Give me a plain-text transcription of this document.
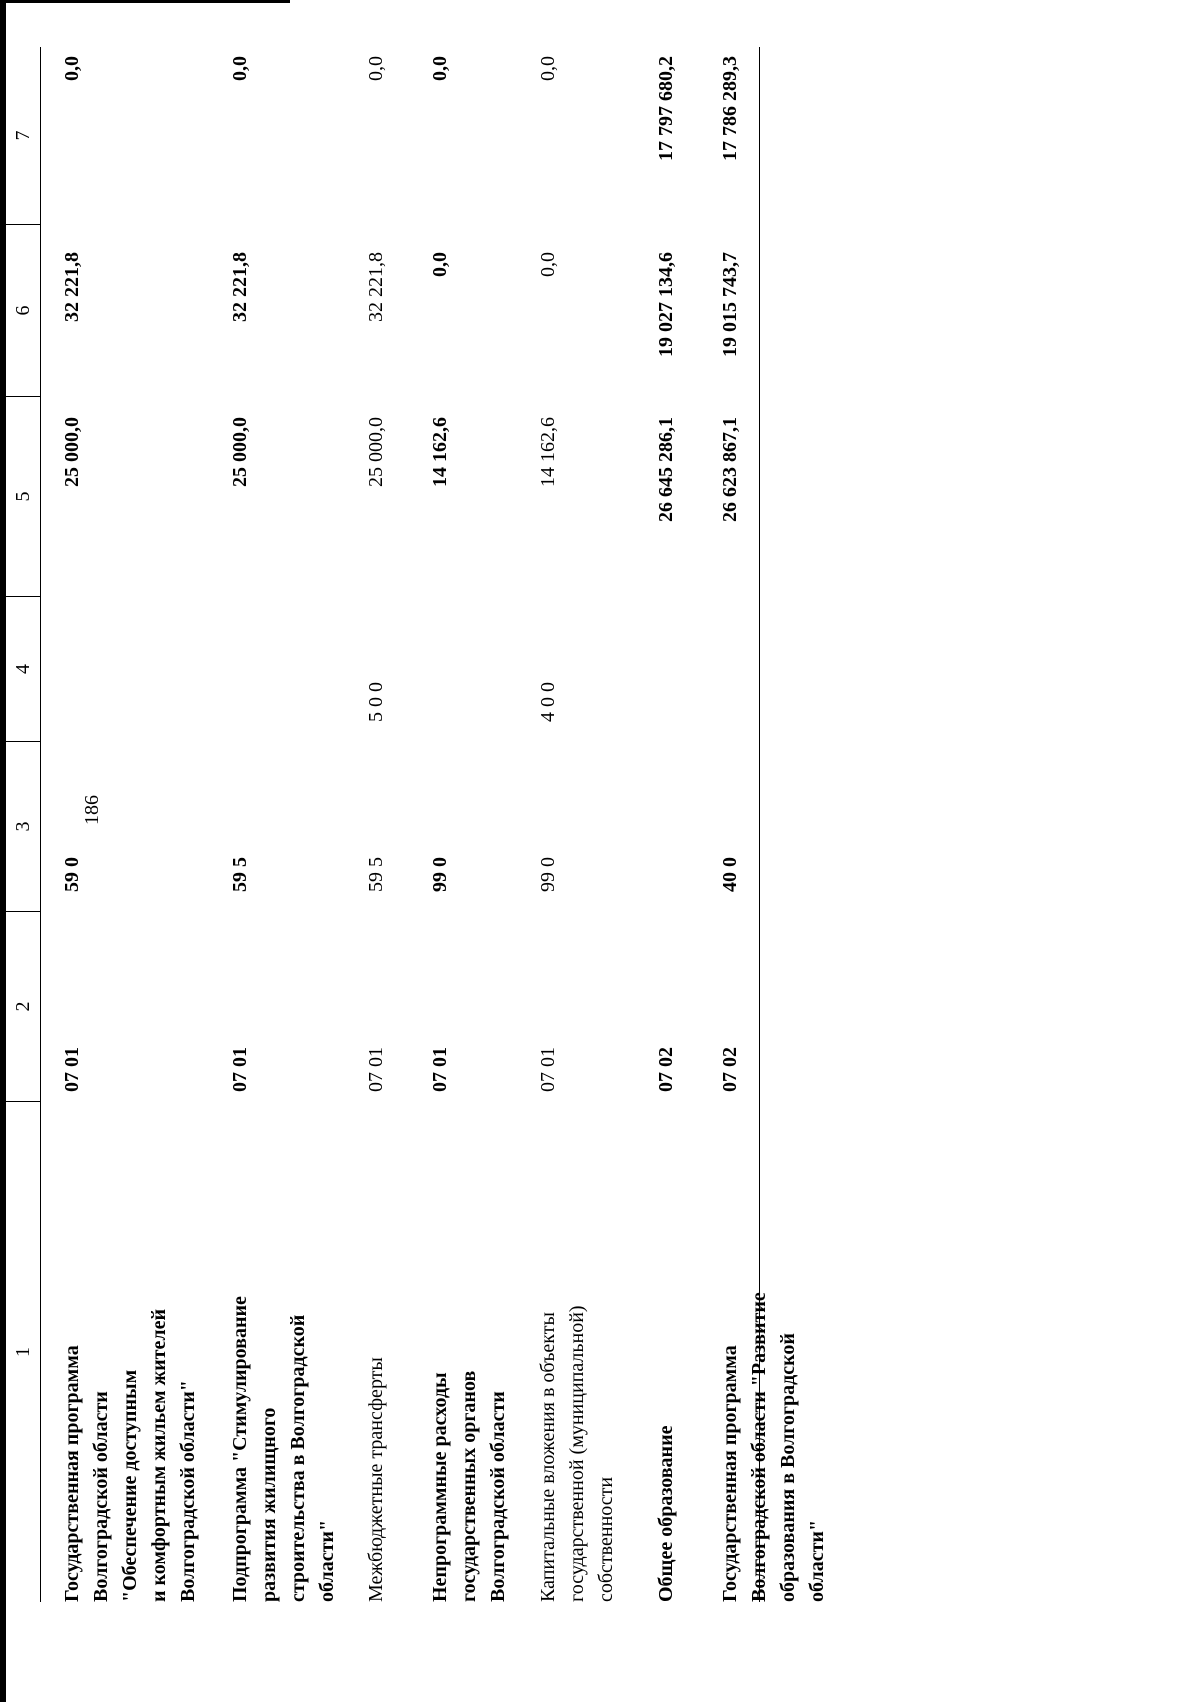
186
1
2
3
4
5
6
7
Государственная программа Волгоградской области "Обеспечение доступным и комфортным жильем жителей Волгоградской области"
07 01
59 0
25 000,0
32 221,8
0,0
Подпрограмма "Стимулирование развития жилищного строительства в Волгоградской области"
07 01
59 5
25 000,0
32 221,8
0,0
Межбюджетные трансферты
07 01
59 5
5 0 0
25 000,0
32 221,8
0,0
Непрограммные расходы государственных органов Волгоградской области
07 01
99 0
14 162,6
0,0
0,0
Капитальные вложения в объекты государственной (муниципальной) собственности
07 01
99 0
4 0 0
14 162,6
0,0
0,0
Общее образование
07 02
26 645 286,1
19 027 134,6
17 797 680,2
Государственная программа Волгоградской области "Развитие образования в Волгоградской области"
07 02
40 0
26 623 867,1
19 015 743,7
17 786 289,3
